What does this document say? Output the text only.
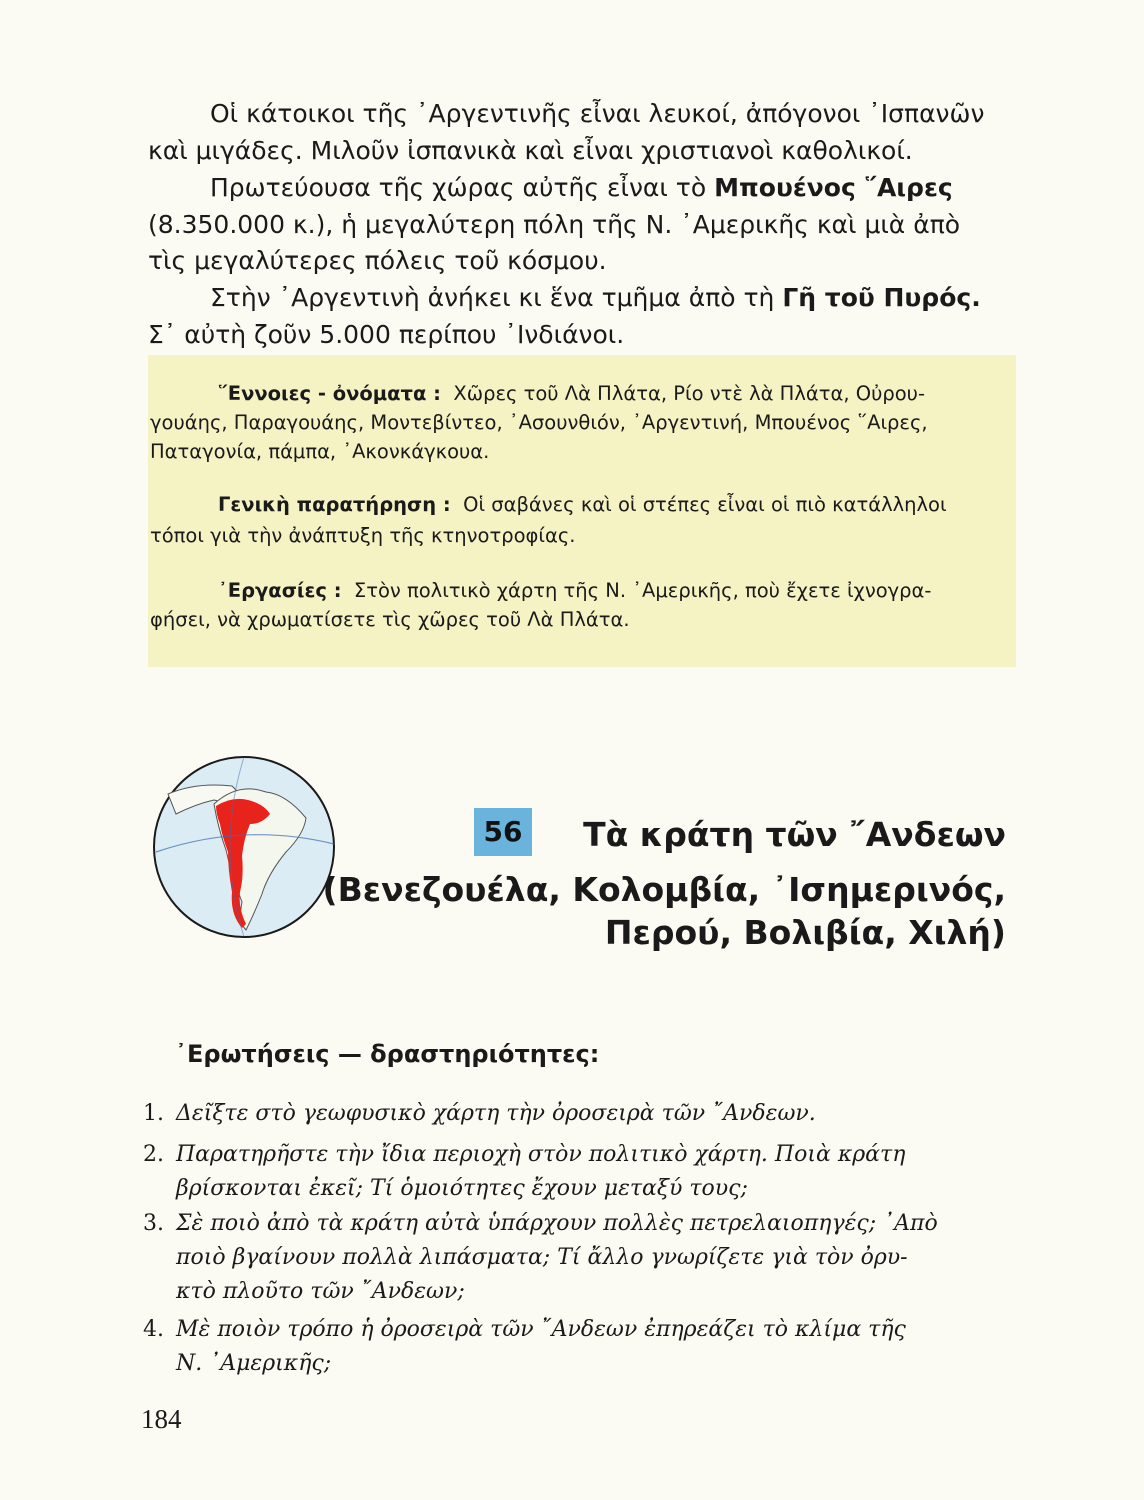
Οἱ κάτοικοι τῆς ᾿Αργεντινῆς εἶναι λευκοί, ἀπόγονοι ᾿Ισπανῶν
καὶ μιγάδες. Μιλοῦν ἰσπανικὰ καὶ εἶναι χριστιανοὶ καθολικοί.
Πρωτεύουσα τῆς χώρας αὐτῆς εἶναι τὸ Μπουένος ῞Αιρες
(8.350.000 κ.), ἡ μεγαλύτερη πόλη τῆς Ν. ᾿Αμερικῆς καὶ μιὰ ἀπὸ
τὶς μεγαλύτερες πόλεις τοῦ κόσμου.
Στὴν ᾿Αργεντινὴ ἀνήκει κι ἕνα τμῆμα ἀπὸ τὴ Γῆ τοῦ Πυρός.
Σ᾿ αὐτὴ ζοῦν 5.000 περίπου ᾿Ινδιάνοι.
῞Εννοιες - ὀνόματα : Χῶρες τοῦ Λὰ Πλάτα, Ρίο ντὲ λὰ Πλάτα, Οὐρου-
γουάης, Παραγουάης, Μοντεβίντεο, ᾿Ασουνθιόν, ᾿Αργεντινή, Μπουένος ῞Αιρες,
Παταγονία, πάμπα, ᾿Ακονκάγκουα.
Γενικὴ παρατήρηση : Οἱ σαβάνες καὶ οἱ στέπες εἶναι οἱ πιὸ κατάλληλοι
τόποι γιὰ τὴν ἀνάπτυξη τῆς κτηνοτροφίας.
᾿Εργασίες : Στὸν πολιτικὸ χάρτη τῆς Ν. ᾿Αμερικῆς, ποὺ ἔχετε ἰχνογρα-
φήσει, νὰ χρωματίσετε τὶς χῶρες τοῦ Λὰ Πλάτα.
56 Τὰ κράτη τῶν ῎Ανδεων
(Βενεζουέλα, Κολομβία, ᾿Ισημερινός,
Περού, Βολιβία, Χιλή)
᾿Ερωτήσεις — δραστηριότητες:
1. Δεῖξτε στὸ γεωφυσικὸ χάρτη τὴν ὀροσειρὰ τῶν ῎Ανδεων.
2. Παρατηρῆστε τὴν ἴδια περιοχὴ στὸν πολιτικὸ χάρτη. Ποιὰ κράτη
βρίσκονται ἐκεῖ; Τί ὁμοιότητες ἔχουν μεταξύ τους;
3. Σὲ ποιὸ ἀπὸ τὰ κράτη αὐτὰ ὑπάρχουν πολλὲς πετρελαιοπηγές; ᾿Απὸ
ποιὸ βγαίνουν πολλὰ λιπάσματα; Τί ἄλλο γνωρίζετε γιὰ τὸν ὀρυ-
κτὸ πλοῦτο τῶν ῎Ανδεων;
4. Μὲ ποιὸν τρόπο ἡ ὀροσειρὰ τῶν ῎Ανδεων ἐπηρεάζει τὸ κλίμα τῆς
Ν. ᾿Αμερικῆς;
184
